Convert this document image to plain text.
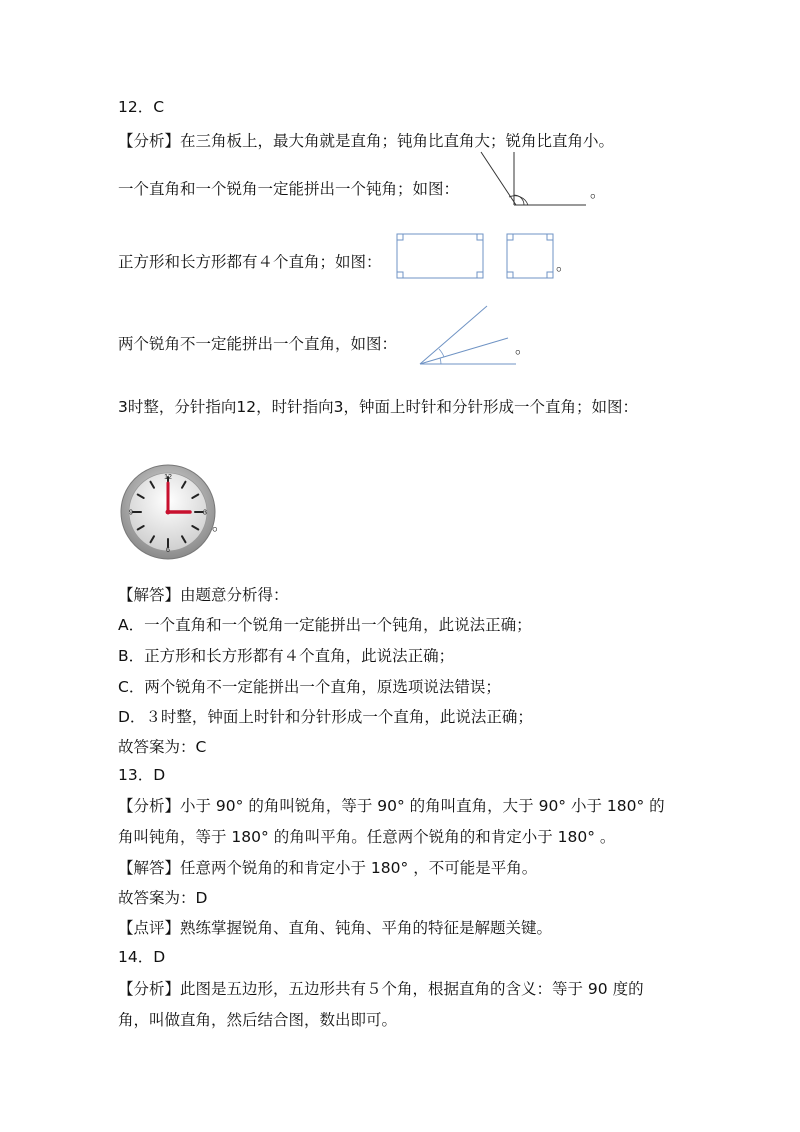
12．C
【分析】在三角板上，最大角就是直角；钝角比直角大；锐角比直角小。
一个直角和一个锐角一定能拼出一个钝角；如图：	。
正方形和长方形都有４个直角；如图：	。
两个锐角不一定能拼出一个直角，如图：	。
3时整，分针指向12，时针指向3，钟面上时针和分针形成一个直角；如图：
12
3
6
9
。
【解答】由题意分析得：
A．一个直角和一个锐角一定能拼出一个钝角，此说法正确；
B．正方形和长方形都有４个直角，此说法正确；
C．两个锐角不一定能拼出一个直角，原选项说法错误；
D．３时整，钟面上时针和分针形成一个直角，此说法正确；
故答案为：C
13．D
【分析】小于 90° 的角叫锐角，等于 90° 的角叫直角，大于 90° 小于 180° 的
角叫钝角，等于 180° 的角叫平角。任意两个锐角的和肯定小于 180° 。
【解答】任意两个锐角的和肯定小于 180° ，不可能是平角。
故答案为：D
【点评】熟练掌握锐角、直角、钝角、平角的特征是解题关键。
14．D
【分析】此图是五边形，五边形共有５个角，根据直角的含义：等于 90 度的
角，叫做直角，然后结合图，数出即可。
